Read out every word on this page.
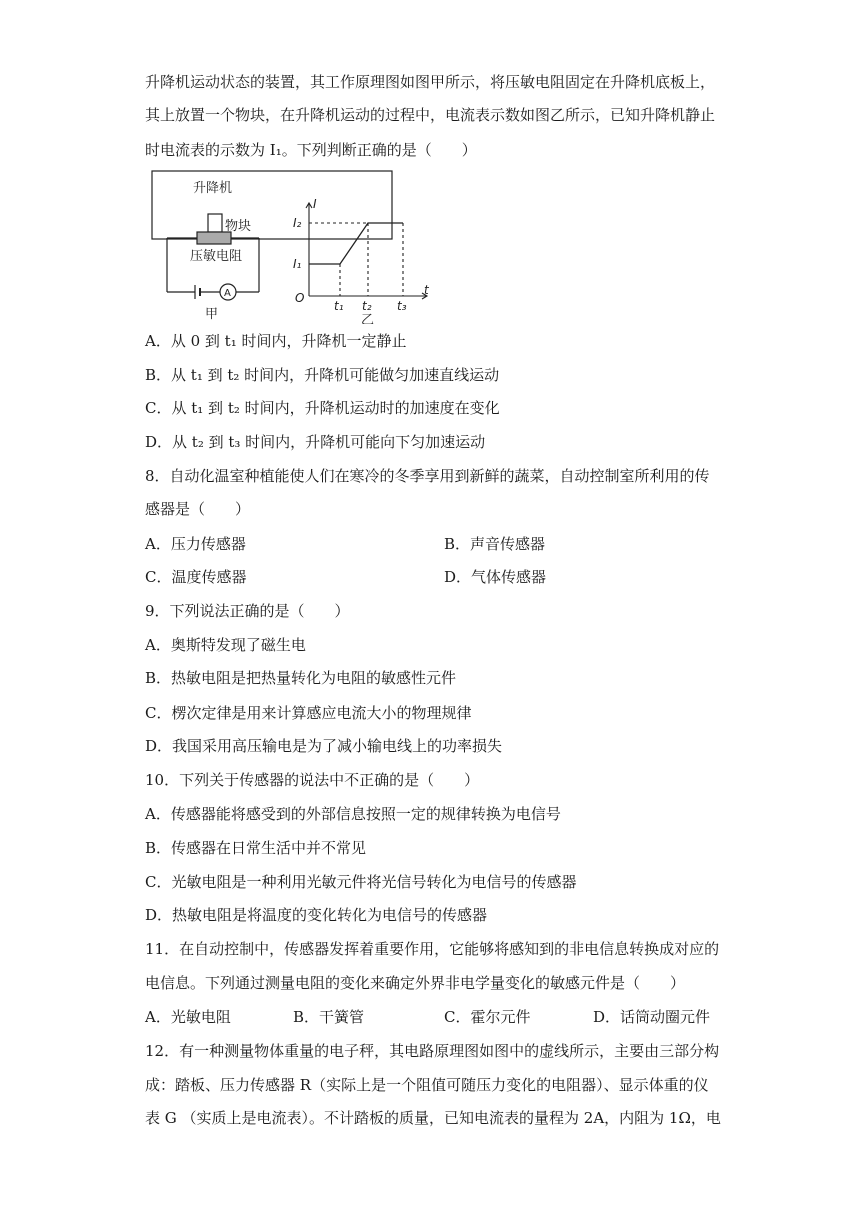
升降机运动状态的装置，其工作原理图如图甲所示，将压敏电阻固定在升降机底板上，
其上放置一个物块，在升降机运动的过程中，电流表示数如图乙所示，已知升降机静止
时电流表的示数为 I₁。下列判断正确的是（　　）
升降机
物块
压敏电阻
A
甲
I
t
O
I₂
I₁
t₁ t₂ t₃
乙
A．从 0 到 t₁ 时间内，升降机一定静止
B．从 t₁ 到 t₂ 时间内，升降机可能做匀加速直线运动
C．从 t₁ 到 t₂ 时间内，升降机运动时的加速度在变化
D．从 t₂ 到 t₃ 时间内，升降机可能向下匀加速运动
8．自动化温室种植能使人们在寒冷的冬季享用到新鲜的蔬菜，自动控制室所利用的传
感器是（　　）
A．压力传感器	B．声音传感器
C．温度传感器	D．气体传感器
9．下列说法正确的是（　　）
A．奥斯特发现了磁生电
B．热敏电阻是把热量转化为电阻的敏感性元件
C．楞次定律是用来计算感应电流大小的物理规律
D．我国采用高压输电是为了减小输电线上的功率损失
10．下列关于传感器的说法中不正确的是（　　）
A．传感器能将感受到的外部信息按照一定的规律转换为电信号
B．传感器在日常生活中并不常见
C．光敏电阻是一种利用光敏元件将光信号转化为电信号的传感器
D．热敏电阻是将温度的变化转化为电信号的传感器
11．在自动控制中，传感器发挥着重要作用，它能够将感知到的非电信息转换成对应的
电信息。下列通过测量电阻的变化来确定外界非电学量变化的敏感元件是（　　）
A．光敏电阻	B．干簧管	C．霍尔元件	D．话筒动圈元件
12．有一种测量物体重量的电子秤，其电路原理图如图中的虚线所示，主要由三部分构
成：踏板、压力传感器 R（实际上是一个阻值可随压力变化的电阻器）、显示体重的仪
表 G （实质上是电流表）。不计踏板的质量，已知电流表的量程为 2A，内阻为 1Ω，电
